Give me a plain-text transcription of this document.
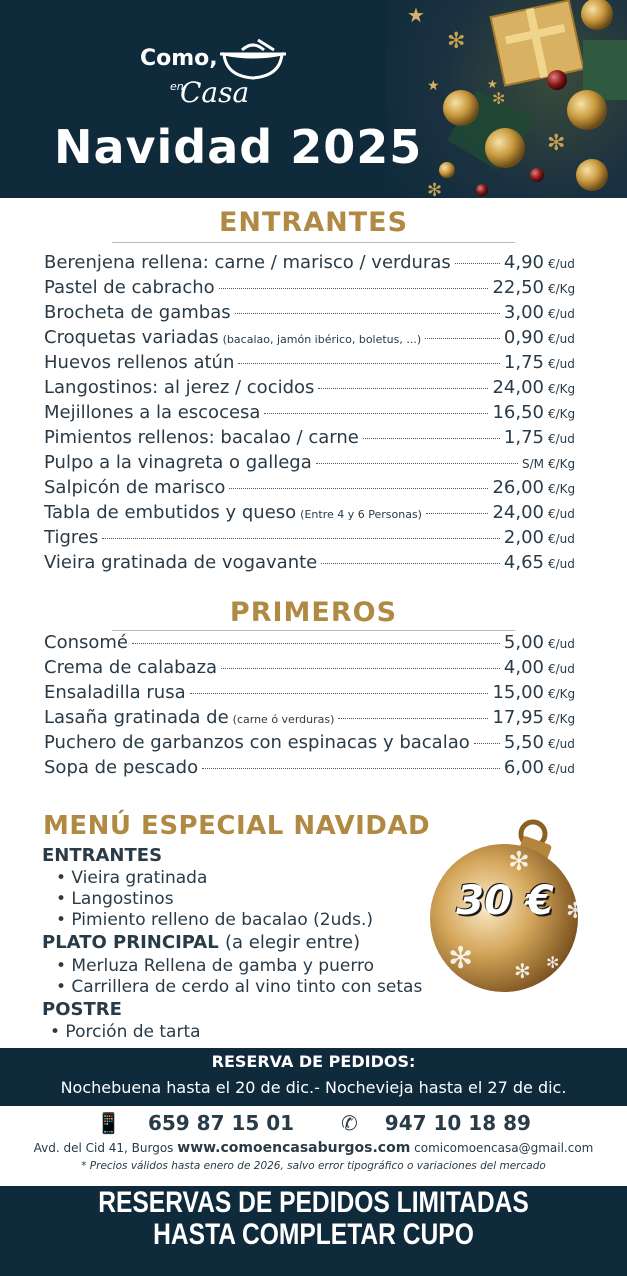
★
★	★
✻
✻
✻
✻
Como,
en
Casa
Navidad 2025
ENTRANTES
Berenjena rellena: carne / marisco / verduras	4,90 €/ud
Pastel de cabracho	22,50 €/Kg
Brocheta de gambas	3,00 €/ud
Croquetas variadas (bacalao, jamón ibérico, boletus, ...)	0,90 €/ud
Huevos rellenos atún	1,75 €/ud
Langostinos: al jerez / cocidos	24,00 €/Kg
Mejillones a la escocesa	16,50 €/Kg
Pimientos rellenos: bacalao / carne	1,75 €/ud
Pulpo a la vinagreta o gallega	S/M €/Kg
Salpicón de marisco	26,00 €/Kg
Tabla de embutidos y queso (Entre 4 y 6 Personas)	24,00 €/ud
Tigres	2,00 €/ud
Vieira gratinada de vogavante	4,65 €/ud
PRIMEROS
Consomé	5,00 €/ud
Crema de calabaza	4,00 €/ud
Ensaladilla rusa	15,00 €/Kg
Lasaña gratinada de (carne ó verduras)	17,95 €/Kg
Puchero de garbanzos con espinacas y bacalao 5,50 €/ud
Sopa de pescado	6,00 €/ud
MENÚ ESPECIAL NAVIDAD
ENTRANTES
• Vieira gratinada
• Langostinos
• Pimiento relleno de bacalao (2uds.)
PLATO PRINCIPAL (a elegir entre)
• Merluza Rellena de gamba y puerro
• Carrillera de cerdo al vino tinto con setas
POSTRE
• Porción de tarta
✻
✻
✻ ✻ ✻
30 €
RESERVA DE PEDIDOS:
Nochebuena hasta el 20 de dic.- Nochevieja hasta el 27 de dic.
📱 659 87 15 01 ✆ 947 10 18 89
Avd. del Cid 41, Burgos www.comoencasaburgos.com comicomoencasa@gmail.com
* Precios válidos hasta enero de 2026, salvo error tipográfico o variaciones del mercado
RESERVAS DE PEDIDOS LIMITADAS
HASTA COMPLETAR CUPO
